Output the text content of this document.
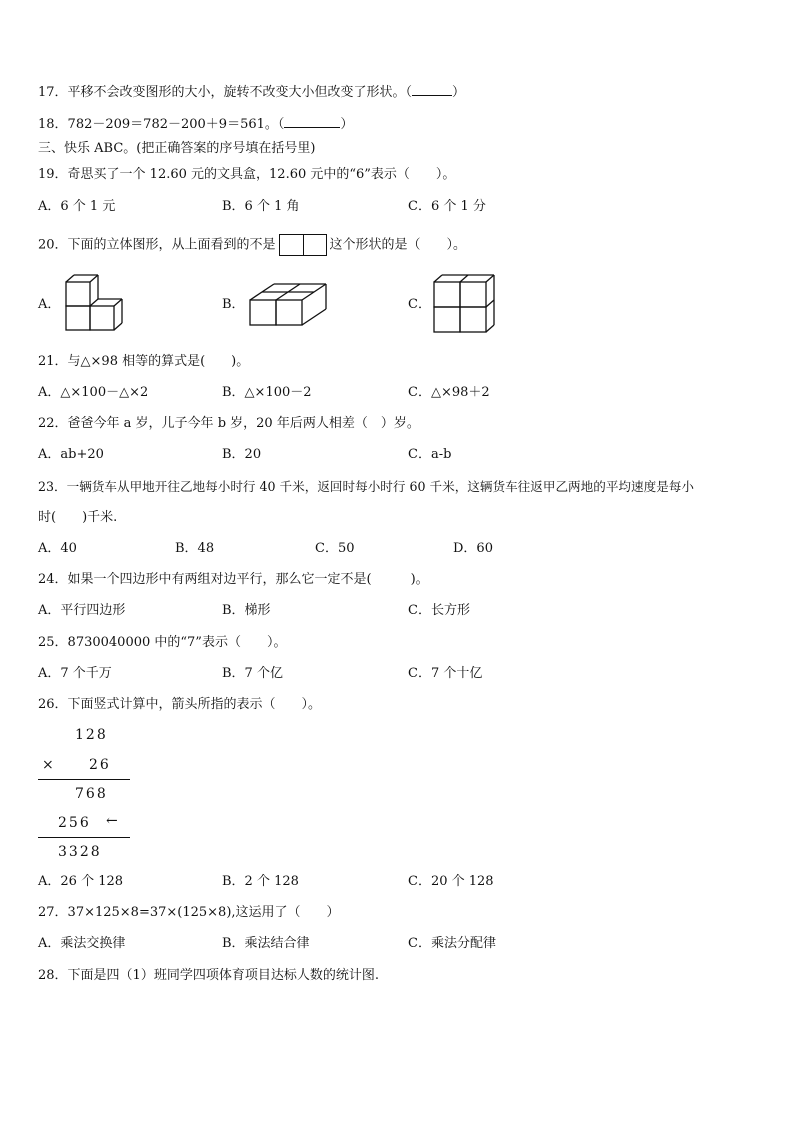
17．平移不会改变图形的大小，旋转不改变大小但改变了形状。（	）
18．782－209＝782－200＋9＝561。（	）
三、快乐 ABC。(把正确答案的序号填在括号里)
19．奇思买了一个 12.60 元的文具盒，12.60 元中的“6”表示（　　）。
A．6 个 1 元	B．6 个 1 角	C．6 个 1 分
20．下面的立体图形，从上面看到的不是	这个形状的是（　　）。
A．	B．	C．
21．与△×98 相等的算式是(　　)。
A．△×100－△×2	B．△×100－2	C．△×98＋2
22．爸爸今年 a 岁，儿子今年 b 岁，20 年后两人相差（　）岁。
A．ab+20	B．20	C．a-b
23．一辆货车从甲地开往乙地每小时行 40 千米，返回时每小时行 60 千米，这辆货车往返甲乙两地的平均速度是每小
时(　　)千米.
A．40	B．48	C．50	D．60
24．如果一个四边形中有两组对边平行，那么它一定不是(　　　)。
A．平行四边形	B．梯形	C．长方形
25．8730040000 中的“7”表示（　　）。
A．7 个千万	B．7 个亿	C．7 个十亿
26．下面竖式计算中，箭头所指的表示（　　）。
128
× 26
768
256 ←
3328
A．26 个 128	B．2 个 128	C．20 个 128
27．37×125×8=37×(125×8),这运用了（　　）
A．乘法交换律	B．乘法结合律	C．乘法分配律
28．下面是四（1）班同学四项体育项目达标人数的统计图.
